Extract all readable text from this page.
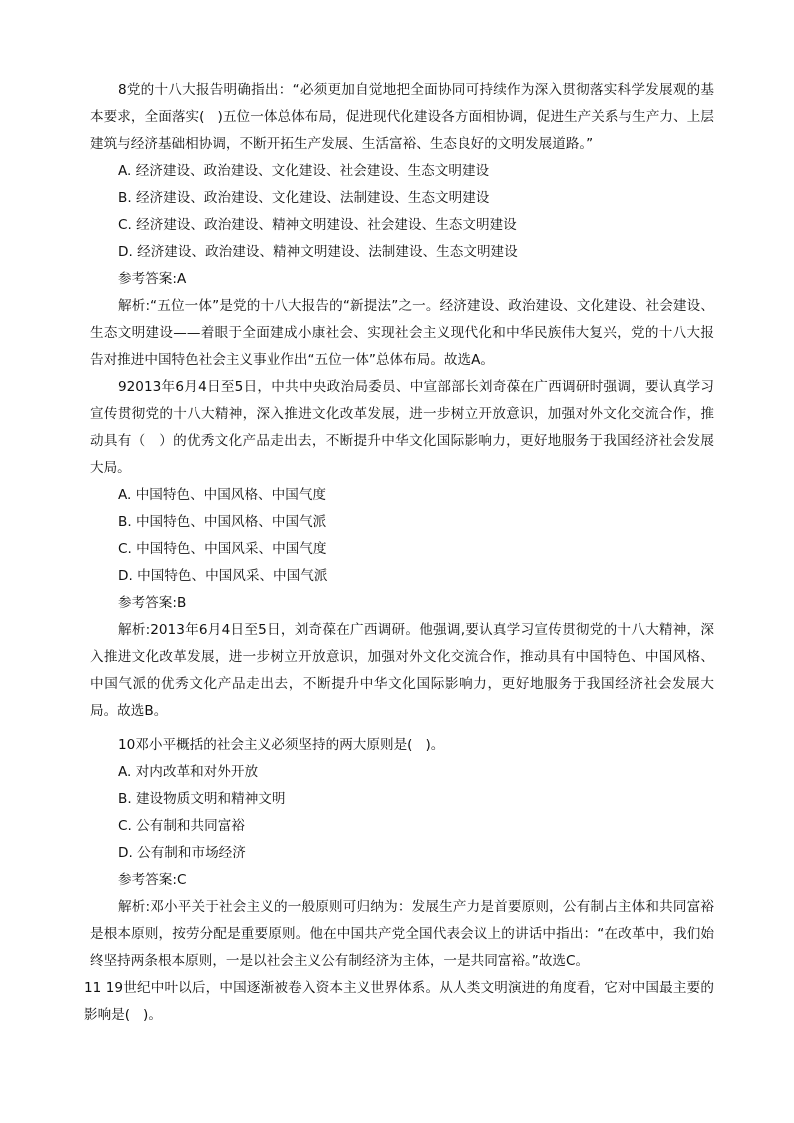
8党的十八大报告明确指出：“必须更加自觉地把全面协同可持续作为深入贯彻落实科学发展观的基本要求，全面落实(   )五位一体总体布局，促进现代化建设各方面相协调，促进生产关系与生产力、上层建筑与经济基础相协调，不断开拓生产发展、生活富裕、生态良好的文明发展道路。”

A. 经济建设、政治建设、文化建设、社会建设、生态文明建设

B. 经济建设、政治建设、文化建设、法制建设、生态文明建设

C. 经济建设、政治建设、精神文明建设、社会建设、生态文明建设

D. 经济建设、政治建设、精神文明建设、法制建设、生态文明建设

参考答案:A

解析:“五位一体”是党的十八大报告的“新提法”之一。经济建设、政治建设、文化建设、社会建设、生态文明建设——着眼于全面建成小康社会、实现社会主义现代化和中华民族伟大复兴，党的十八大报告对推进中国特色社会主义事业作出“五位一体”总体布局。故选A。

92013年6月4日至5日，中共中央政治局委员、中宣部部长刘奇葆在广西调研时强调，要认真学习宣传贯彻党的十八大精神，深入推进文化改革发展，进一步树立开放意识，加强对外文化交流合作，推动具有（   ）的优秀文化产品走出去，不断提升中华文化国际影响力，更好地服务于我国经济社会发展大局。

A. 中国特色、中国风格、中国气度

B. 中国特色、中国风格、中国气派

C. 中国特色、中国风采、中国气度

D. 中国特色、中国风采、中国气派

参考答案:B

解析:2013年6月4日至5日，刘奇葆在广西调研。他强调,要认真学习宣传贯彻党的十八大精神，深入推进文化改革发展，进一步树立开放意识，加强对外文化交流合作，推动具有中国特色、中国风格、中国气派的优秀文化产品走出去，不断提升中华文化国际影响力，更好地服务于我国经济社会发展大局。故选B。

10邓小平概括的社会主义必须坚持的两大原则是(   )。

A. 对内改革和对外开放

B. 建设物质文明和精神文明

C. 公有制和共同富裕

D. 公有制和市场经济

参考答案:C

解析:邓小平关于社会主义的一般原则可归纳为：发展生产力是首要原则，公有制占主体和共同富裕是根本原则，按劳分配是重要原则。他在中国共产党全国代表会议上的讲话中指出：“在改革中，我们始终坚持两条根本原则，一是以社会主义公有制经济为主体，一是共同富裕。”故选C。

11 19世纪中叶以后，中国逐渐被卷入资本主义世界体系。从人类文明演进的角度看，它对中国最主要的影响是(   )。
